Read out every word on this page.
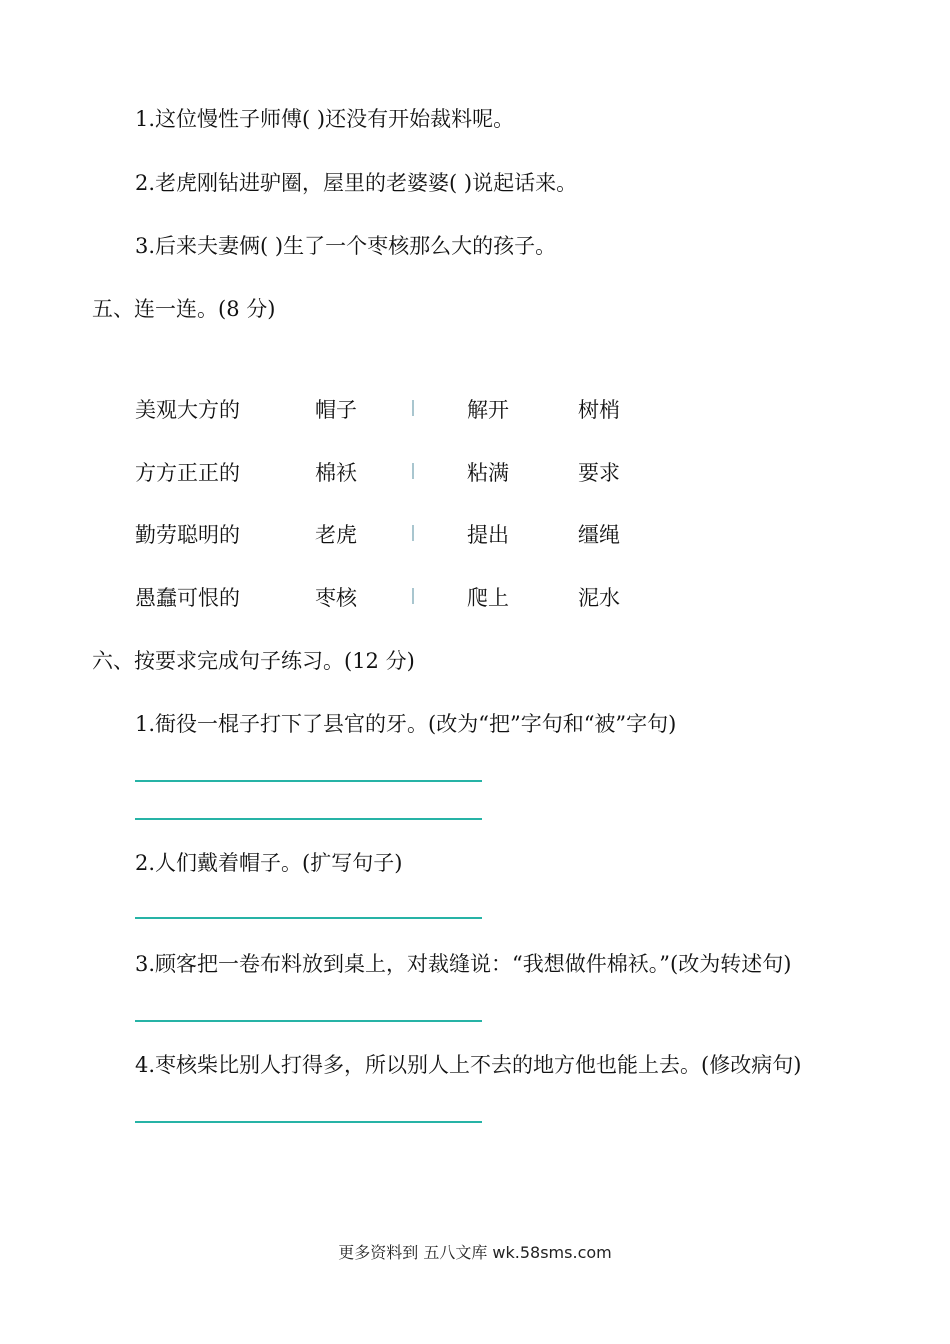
1.这位慢性子师傅( )还没有开始裁料呢。
2.老虎刚钻进驴圈，屋里的老婆婆( )说起话来。
3.后来夫妻俩( )生了一个枣核那么大的孩子。
五、连一连。(8 分)
美观大方的	帽子	解开	树梢
方方正正的	棉袄	粘满	要求
勤劳聪明的	老虎	提出	缰绳
愚蠢可恨的	枣核	爬上	泥水
六、按要求完成句子练习。(12 分)
1.衙役一棍子打下了县官的牙。(改为“把”字句和“被”字句)
2.人们戴着帽子。(扩写句子)
3.顾客把一卷布料放到桌上，对裁缝说：“我想做件棉袄。”(改为转述句)
4.枣核柴比别人打得多，所以别人上不去的地方他也能上去。(修改病句)
更多资料到 五八文库 wk.58sms.com
